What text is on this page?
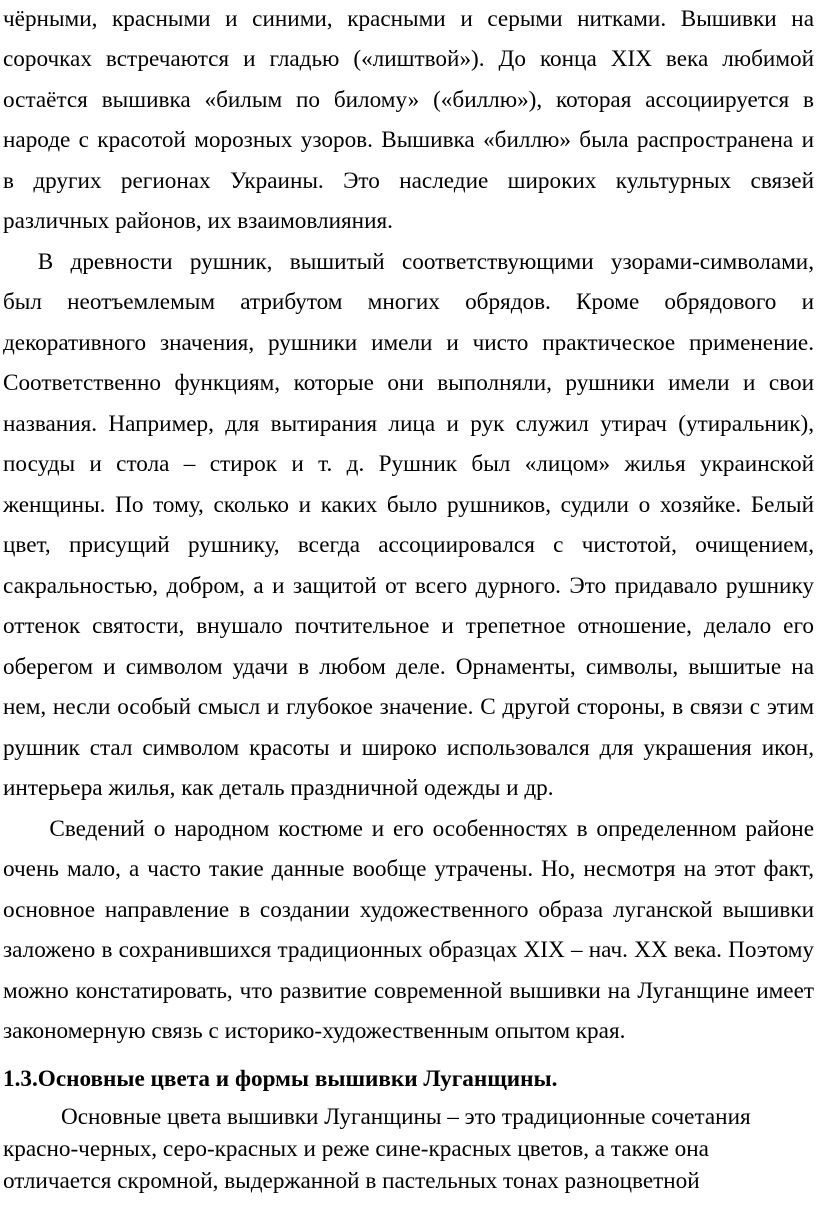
чёрными, красными и синими, красными и серыми нитками. Вышивки на
сорочках встречаются и гладью («лиштвой»). До конца XIX века любимой
остаётся вышивка «билым по билому» («биллю»), которая ассоциируется в
народе с красотой морозных узоров. Вышивка «биллю» была распространена и
в других регионах Украины. Это наследие широких культурных связей
различных районов, их взаимовлияния.
  В древности рушник, вышитый соответствующими узорами-символами,
был неотъемлемым атрибутом многих обрядов. Кроме обрядового и
декоративного значения, рушники имели и чисто практическое применение.
Соответственно функциям, которые они выполняли, рушники имели и свои
названия. Например, для вытирания лица и рук служил утирач (утиральник),
посуды и стола – стирок и т. д. Рушник был «лицом» жилья украинской
женщины. По тому, сколько и каких было рушников, судили о хозяйке. Белый
цвет, присущий рушнику, всегда ассоциировался с чистотой, очищением,
сакральностью, добром, а и защитой от всего дурного. Это придавало рушнику
оттенок святости, внушало почтительное и трепетное отношение, делало его
оберегом и символом удачи в любом деле. Орнаменты, символы, вышитые на
нем, несли особый смысл и глубокое значение. С другой стороны, в связи с этим
рушник стал символом красоты и широко использовался для украшения икон,
интерьера жилья, как деталь праздничной одежды и др.
  Сведений о народном костюме и его особенностях в определенном районе
очень мало, а часто такие данные вообще утрачены. Но, несмотря на этот факт,
основное направление в создании художественного образа луганской вышивки
заложено в сохранившихся традиционных образцах XIX – нач. XX века. Поэтому
можно констатировать, что развитие современной вышивки на Луганщине имеет
закономерную связь с историко-художественным опытом края.
1.3.Основные цвета и формы вышивки Луганщины.
   Основные цвета вышивки Луганщины – это традиционные сочетания
красно-черных, серо-красных и реже сине-красных цветов, а также она
отличается скромной, выдержанной в пастельных тонах разноцветной
